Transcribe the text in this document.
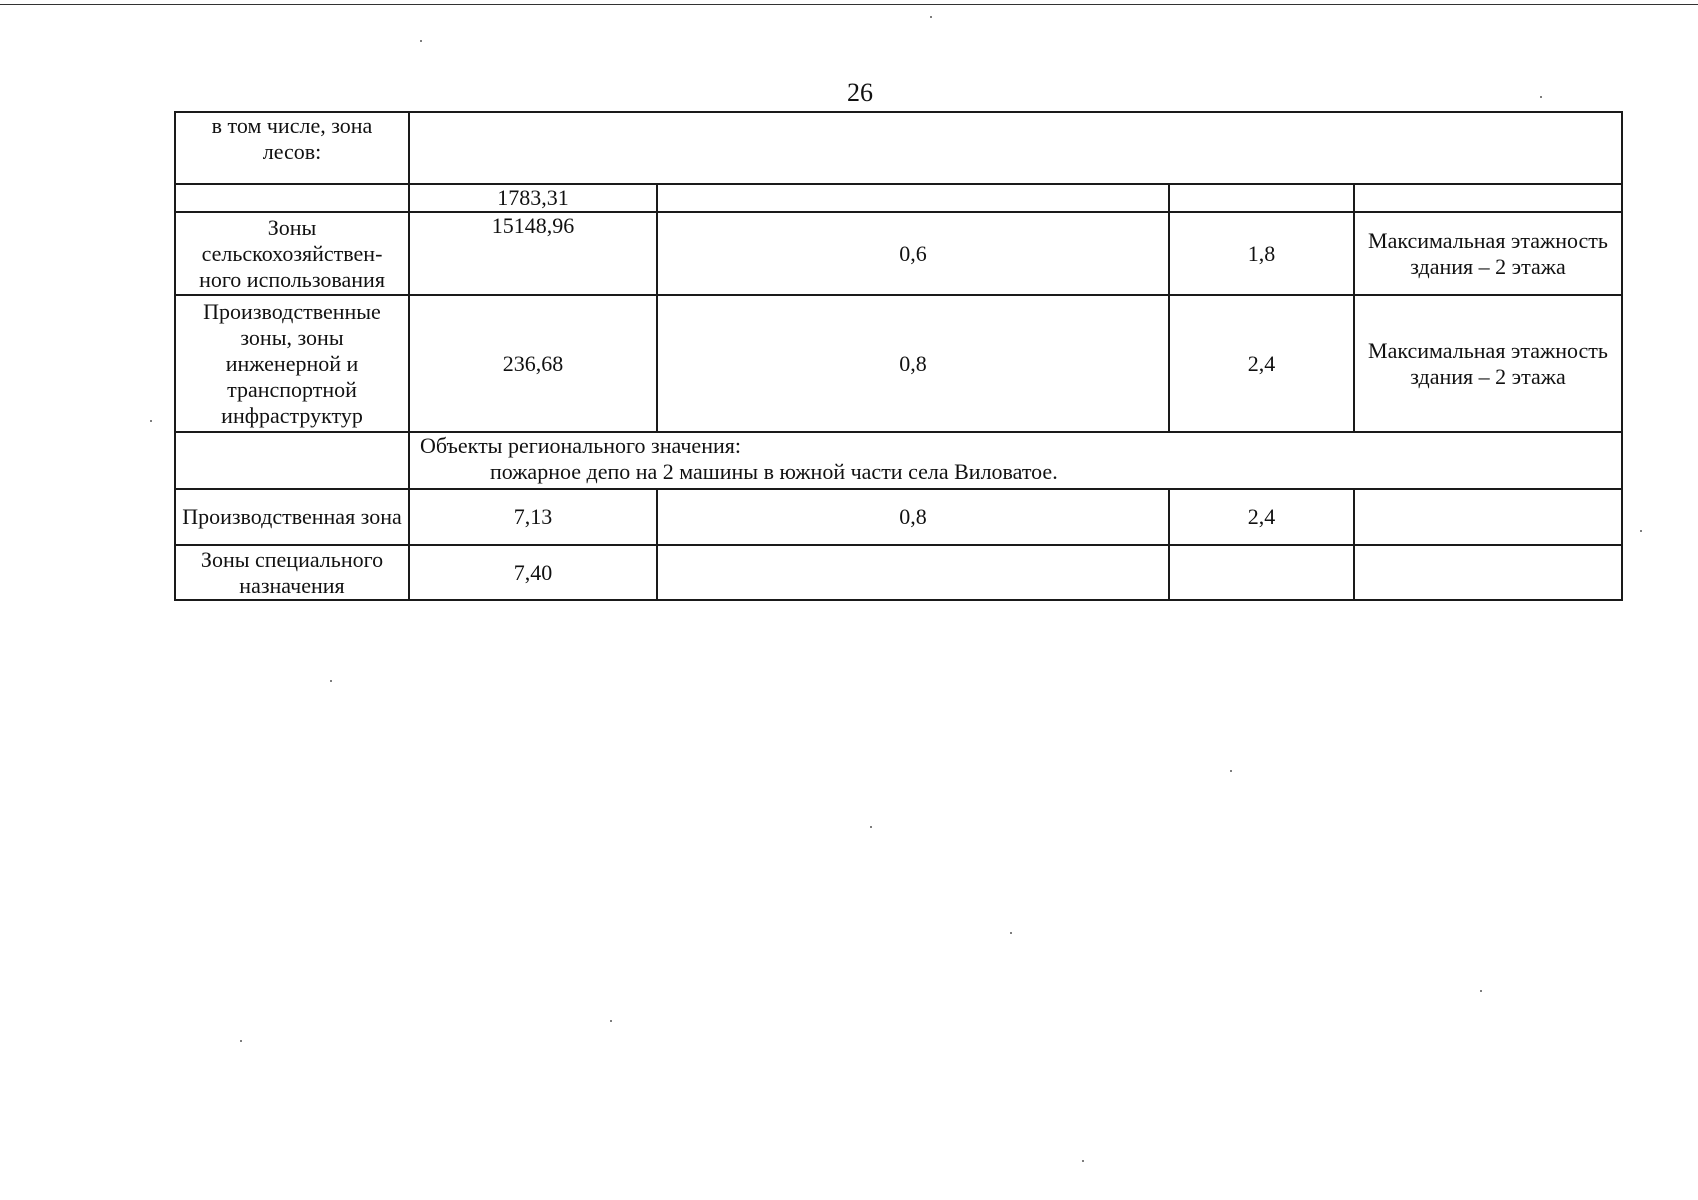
26
в том числе, зона лесов:				
	1783,31			
Зоны сельскохозяйствен-ного использования	15148,96	0,6	1,8	Максимальная этажность здания – 2 этажа
Производственные зоны, зоны инженерной и транспортной инфраструктур	236,68	0,8	2,4	Максимальная этажность здания – 2 этажа
	Объекты регионального значения:
пожарное депо на 2 машины в южной части села Виловатое.			

Производственная зона	7,13	0,8	2,4	
Зоны специального назначения	7,40			
